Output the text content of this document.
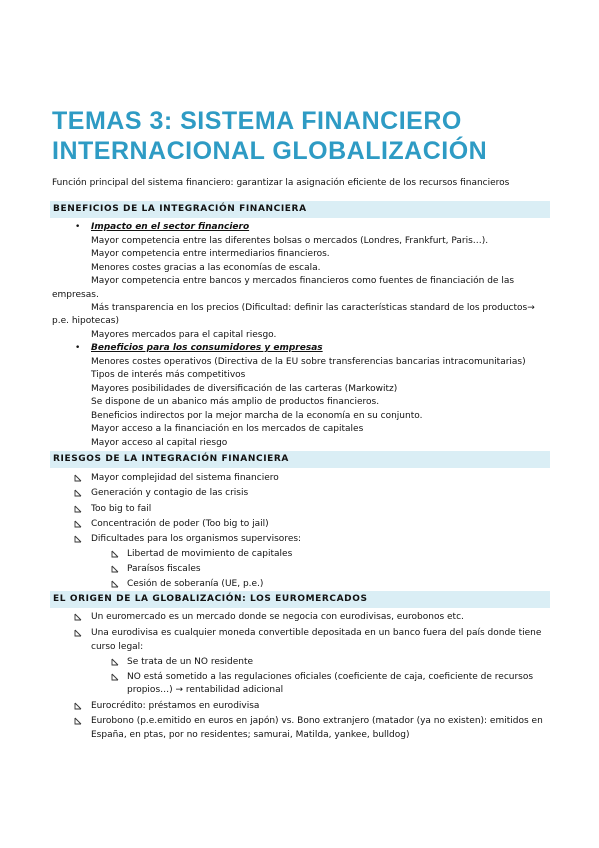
TEMAS 3: SISTEMA FINANCIERO
INTERNACIONAL GLOBALIZACIÓN
Función principal del sistema financiero: garantizar la asignación eficiente de los recursos financieros
BENEFICIOS DE LA INTEGRACIÓN FINANCIERA
• Impacto en el sector financiero
Mayor competencia entre las diferentes bolsas o mercados (Londres, Frankfurt, Paris…).
Mayor competencia entre intermediarios financieros.
Menores costes gracias a las economías de escala.
Mayor competencia entre bancos y mercados financieros como fuentes de financiación de las
empresas.
Más transparencia en los precios (Dificultad: definir las características standard de los productos→
p.e. hipotecas)
Mayores mercados para el capital riesgo.
• Beneficios para los consumidores y empresas
Menores costes operativos (Directiva de la EU sobre transferencias bancarias intracomunitarias)
Tipos de interés más competitivos
Mayores posibilidades de diversificación de las carteras (Markowitz)
Se dispone de un abanico más amplio de productos financieros.
Beneficios indirectos por la mejor marcha de la economía en su conjunto.
Mayor acceso a la financiación en los mercados de capitales
Mayor acceso al capital riesgo
RIESGOS DE LA INTEGRACIÓN FINANCIERA
Mayor complejidad del sistema financiero
Generación y contagio de las crisis
Too big to fail
Concentración de poder (Too big to jail)
Dificultades para los organismos supervisores:
Libertad de movimiento de capitales
Paraísos fiscales
Cesión de soberanía (UE, p.e.)
EL ORIGEN DE LA GLOBALIZACIÓN: LOS EUROMERCADOS
Un euromercado es un mercado donde se negocia con eurodivisas, eurobonos etc.
Una eurodivisa es cualquier moneda convertible depositada en un banco fuera del país donde tiene
curso legal:
Se trata de un NO residente
NO está sometido a las regulaciones oficiales (coeficiente de caja, coeficiente de recursos
propios…) → rentabilidad adicional
Eurocrédito: préstamos en eurodivisa
Eurobono (p.e.emitido en euros en japón) vs. Bono extranjero (matador (ya no existen): emitidos en
España, en ptas, por no residentes; samurai, Matilda, yankee, bulldog)
